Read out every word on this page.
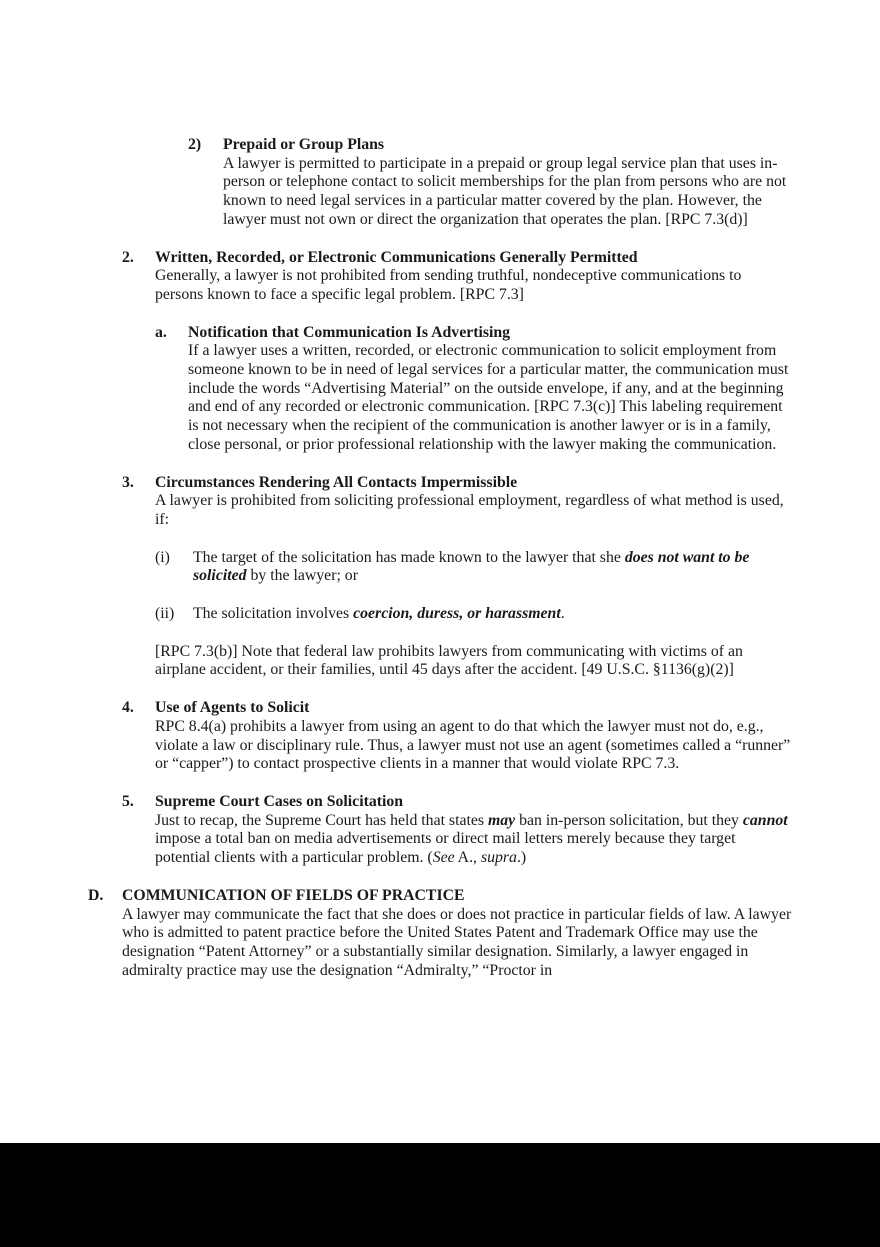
2) Prepaid or Group Plans

A lawyer is permitted to participate in a prepaid or group legal service plan that uses in-person or telephone contact to solicit memberships for the plan from persons who are not known to need legal services in a particular matter covered by the plan. However, the lawyer must not own or direct the organization that operates the plan. [RPC 7.3(d)]

2. Written, Recorded, or Electronic Communications Generally Permitted

Generally, a lawyer is not prohibited from sending truthful, nondeceptive communications to persons known to face a specific legal problem. [RPC 7.3]

a. Notification that Communication Is Advertising

If a lawyer uses a written, recorded, or electronic communication to solicit employment from someone known to be in need of legal services for a particular matter, the communication must include the words “Advertising Material” on the outside envelope, if any, and at the beginning and end of any recorded or electronic communication. [RPC 7.3(c)] This labeling requirement is not necessary when the recipient of the communication is another lawyer or is in a family, close personal, or prior professional relationship with the lawyer making the communication.

3. Circumstances Rendering All Contacts Impermissible

A lawyer is prohibited from soliciting professional employment, regardless of what method is used, if:

(i) The target of the solicitation has made known to the lawyer that she does not want to be solicited by the lawyer; or

(ii) The solicitation involves coercion, duress, or harassment.

[RPC 7.3(b)] Note that federal law prohibits lawyers from communicating with victims of an airplane accident, or their families, until 45 days after the accident. [49 U.S.C. §1136(g)(2)]

4. Use of Agents to Solicit

RPC 8.4(a) prohibits a lawyer from using an agent to do that which the lawyer must not do, e.g., violate a law or disciplinary rule. Thus, a lawyer must not use an agent (sometimes called a “runner” or “capper”) to contact prospective clients in a manner that would violate RPC 7.3.

5. Supreme Court Cases on Solicitation

Just to recap, the Supreme Court has held that states may ban in-person solicitation, but they cannot impose a total ban on media advertisements or direct mail letters merely because they target potential clients with a particular problem. (See A., supra.)

D. COMMUNICATION OF FIELDS OF PRACTICE

A lawyer may communicate the fact that she does or does not practice in particular fields of law. A lawyer who is admitted to patent practice before the United States Patent and Trademark Office may use the designation “Patent Attorney” or a substantially similar designation. Similarly, a lawyer engaged in admiralty practice may use the designation “Admiralty,” “Proctor in
